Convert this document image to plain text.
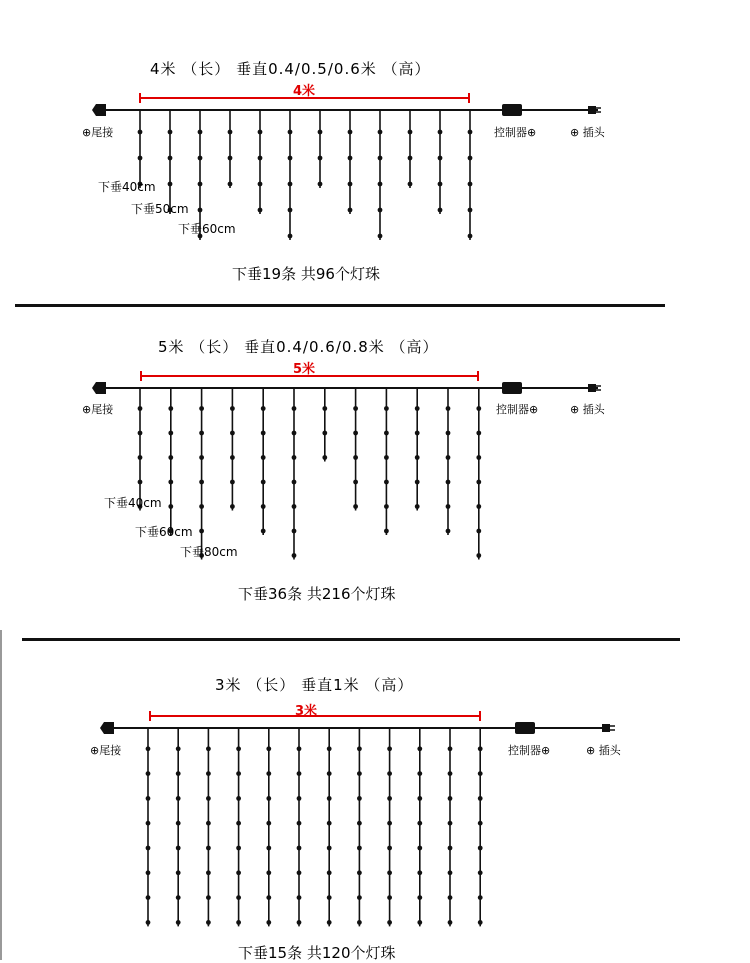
4米 （长） 垂直0.4/0.5/0.6米 （高）
4米
⊕尾接	控制器⊕	⊕ 插头
下垂40cm
下垂50cm
下垂60cm
下垂19条 共96个灯珠
5米 （长） 垂直0.4/0.6/0.8米 （高）
5米
⊕尾接	控制器⊕	⊕ 插头
下垂40cm
下垂60cm
下垂80cm
下垂36条 共216个灯珠
3米 （长） 垂直1米 （高）
3米
⊕尾接	控制器⊕	⊕ 插头
下垂15条 共120个灯珠
